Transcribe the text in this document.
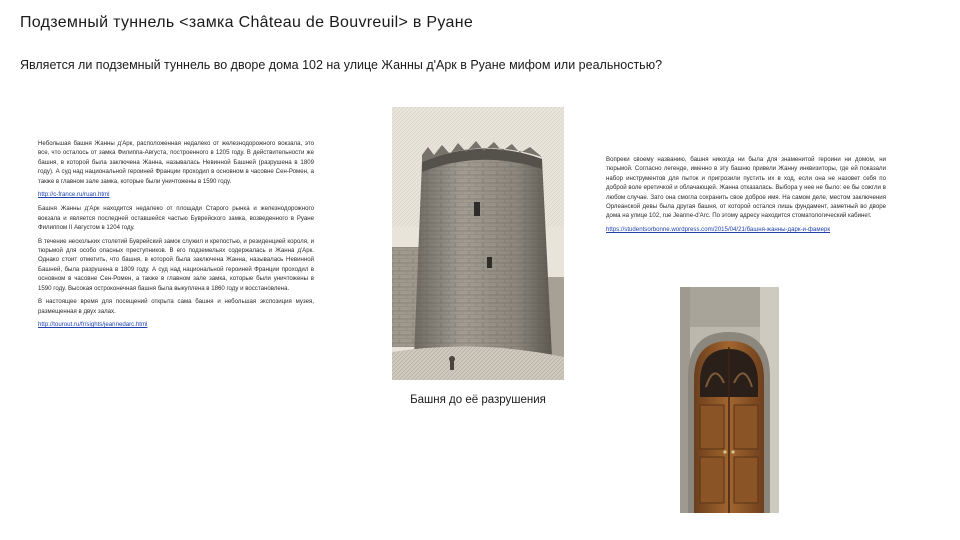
Подземный туннель <замка Château de Bouvreuil> в Руане
Является ли подземный туннель во дворе дома 102 на улице Жанны д'Арк в Руане мифом или реальностью?

Небольшая башня Жанны д'Арк, расположенная недалеко от железнодорожного вокзала, это все, что осталось от замка Филиппа-Августа, построенного в 1205 году. В действительности же башня, в которой была заключена Жанна, называлась Невинной Башней (разрушена в 1809 году). А суд над национальной героиней Франции проходил в основном в часовне Сен-Ромен, а также в главном зале замка, которые были уничтожены в 1590 году.

http://c-france.ru/ruan.html

Башня Жанны д'Арк находится недалеко от площади Старого рынка и железнодорожного вокзала и является последней оставшейся частью Буврейского замка, возведенного в Руане Филиппом II Августом в 1204 году.

В течение нескольких столетий Буврейский замок служил и крепостью, и резиденцией короля, и тюрьмой для особо опасных преступников. В его подземельях содержалась и Жанна д'Арк. Однако стоит отметить, что башня, в которой была заключена Жанна, называлась Невинной Башней, была разрушена в 1809 году. А суд над национальной героиней Франции проходил в основном в часовне Сен-Ромен, а также в главном зале замка, которые были уничтожены в 1590 году. Высокая остроконечная башня была выкуплена в 1860 году и восстановлена.

В настоящее время для посещений открыта сама башня и небольшая экспозиция музея, размещенная в двух залах.

http://tourout.ru/fr/sights/jeannedarc.html
Башня до её разрушения

Вопреки своему названию, башня никогда ни была для знаменитой героини ни домом, ни тюрьмой. Согласно легенде, именно в эту башню привели Жанну инквизиторы, где ей показали набор инструментов для пыток и пригрозили пустить их в ход, если она не назовет себя по доброй воле еретичкой и облачающей. Жанна отказалась. Выбора у нее не было: ее бы сожгли в любом случае. Зато она смогла сохранить свое доброе имя. На самом деле, местом заключения Орлеанской девы была другая башня, от которой остался лишь фундамент, заметный во дворе дома на улице 102, rue Jeanne-d'Arc. По этому адресу находится стоматологический кабинет.

https://studentsorbonne.wordpress.com/2015/04/21/башня-жанны-дарк-и-фамерк
